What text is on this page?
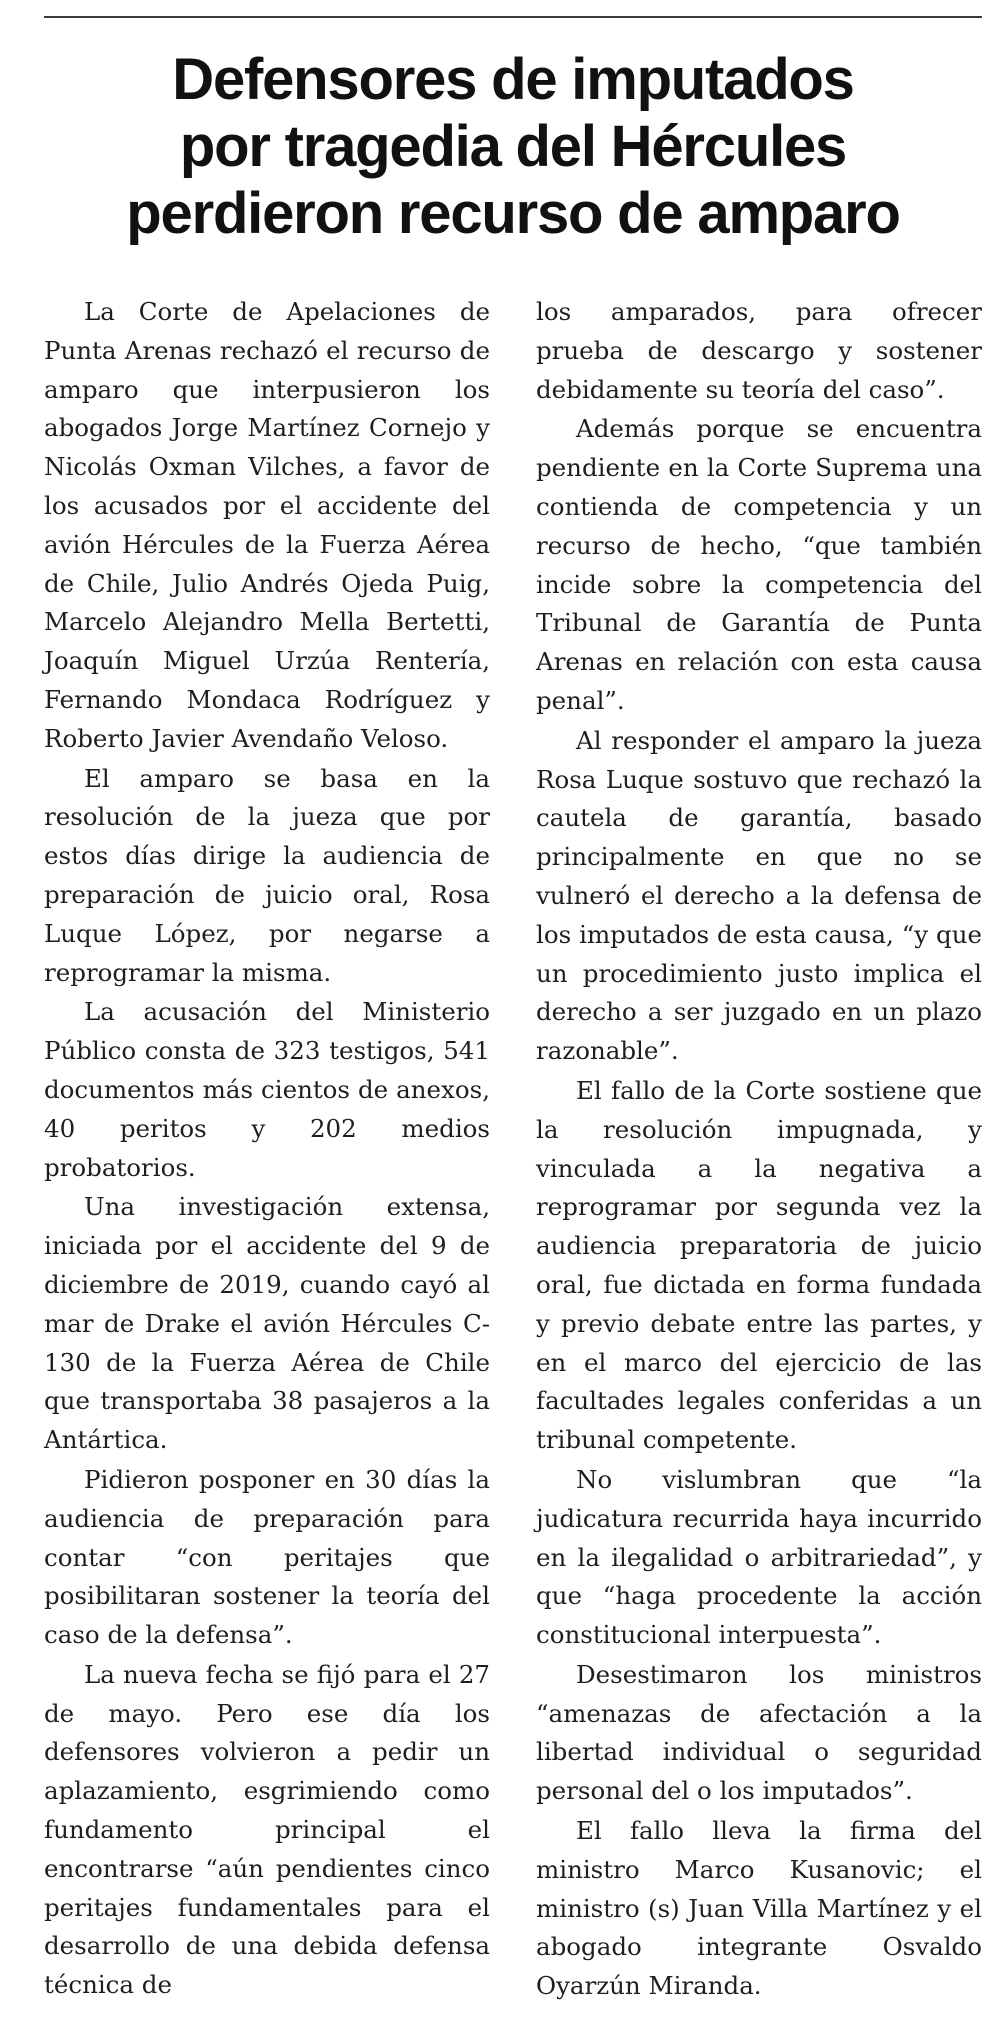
Defensores de imputados
por tragedia del Hércules
perdieron recurso de amparo

La Corte de Apelaciones de Punta Arenas rechazó el recurso de amparo que interpusieron los abogados Jorge Martínez Cornejo y Nicolás Oxman Vilches, a favor de los acusados por el accidente del avión Hércules de la Fuerza Aérea de Chile, Julio Andrés Ojeda Puig, Marcelo Alejandro Mella Bertetti, Joaquín Miguel Urzúa Rentería, Fernando Mondaca Rodríguez y Roberto Javier Avendaño Veloso.

El amparo se basa en la resolución de la jueza que por estos días dirige la audiencia de preparación de juicio oral, Rosa Luque López, por negarse a reprogramar la misma.

La acusación del Ministerio Público consta de 323 testigos, 541 documentos más cientos de anexos, 40 peritos y 202 medios probatorios.

Una investigación extensa, iniciada por el accidente del 9 de diciembre de 2019, cuando cayó al mar de Drake el avión Hércules C-130 de la Fuerza Aérea de Chile que transportaba 38 pasajeros a la Antártica.

Pidieron posponer en 30 días la audiencia de preparación para contar “con peritajes que posibilitaran sostener la teoría del caso de la defensa”.

La nueva fecha se fijó para el 27 de mayo. Pero ese día los defensores volvieron a pedir un aplazamiento, esgrimiendo como fundamento principal el encontrarse “aún pendientes cinco peritajes fundamentales para el desarrollo de una debida defensa técnica de

los amparados, para ofrecer prueba de descargo y sostener debidamente su teoría del caso”.

Además porque se encuentra pendiente en la Corte Suprema una contienda de competencia y un recurso de hecho, “que también incide sobre la competencia del Tribunal de Garantía de Punta Arenas en relación con esta causa penal”.

Al responder el amparo la jueza Rosa Luque sostuvo que rechazó la cautela de garantía, basado principalmente en que no se vulneró el derecho a la defensa de los imputados de esta causa, “y que un procedimiento justo implica el derecho a ser juzgado en un plazo razonable”.

El fallo de la Corte sostiene que la resolución impugnada, y vinculada a la negativa a reprogramar por segunda vez la audiencia preparatoria de juicio oral, fue dictada en forma fundada y previo debate entre las partes, y en el marco del ejercicio de las facultades legales conferidas a un tribunal competente.

No vislumbran que “la judicatura recurrida haya incurrido en la ilegalidad o arbitrariedad”, y que “haga procedente la acción constitucional interpuesta”.

Desestimaron los ministros “amenazas de afectación a la libertad individual o seguridad personal del o los imputados”.

El fallo lleva la firma del ministro Marco Kusanovic; el ministro (s) Juan Villa Martínez y el abogado integrante Osvaldo Oyarzún Miranda.
